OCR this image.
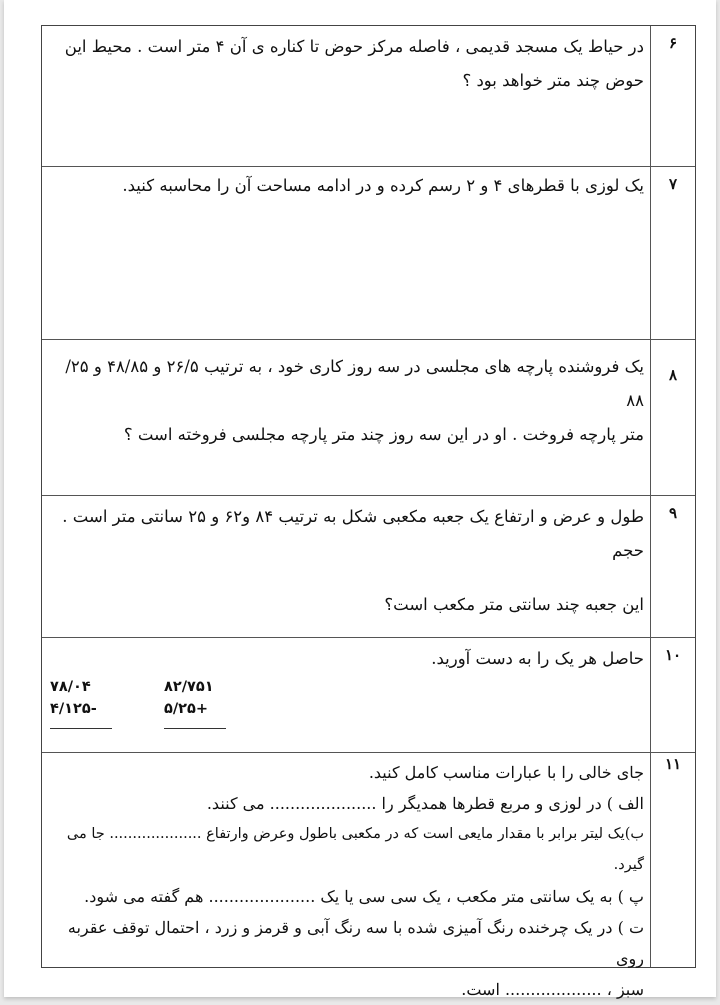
۶

در حیاط یک مسجد قدیمی ، فاصله مرکز حوض تا کناره ی آن ۴ متر است . محیط این

حوض چند متر خواهد بود ؟

۷

یک لوزی با قطرهای ۴ و ۲ رسم کرده و در ادامه مساحت آن را محاسبه کنید.

۸

یک فروشنده پارچه های مجلسی در سه روز کاری خود ، به ترتیب ۲۶/۵ و ۴۸/۸۵ و ۲۵/ ۸۸

متر پارچه فروخت . او در این سه روز چند متر پارچه مجلسی فروخته است ؟

۹

طول و عرض و ارتفاع یک جعبه مکعبی شکل به ترتیب ۸۴ و۶۲ و ۲۵ سانتی متر است . حجم

این جعبه چند سانتی متر مکعب است؟

۱۰

حاصل هر یک را به دست آورید.

۷۸/۰۴
-۴/۱۲۵
۸۲/۷۵۱
+۵/۲۵
۱۱

جای خالی را با عبارات مناسب کامل کنید.

الف ) در لوزی و مربع قطرها همدیگر را ..................... می کنند.

ب)یک لیتر برابر با مقدار مایعی است که در مکعبی باطول وعرض وارتفاع .................... جا می گیرد.

پ ) به یک سانتی متر مکعب ، یک سی سی یا یک ..................... هم گفته می شود.

ت ) در یک چرخنده رنگ آمیزی شده با سه رنگ آبی و قرمز و زرد ، احتمال توقف عقربه روی

سبز ، ................... است.
